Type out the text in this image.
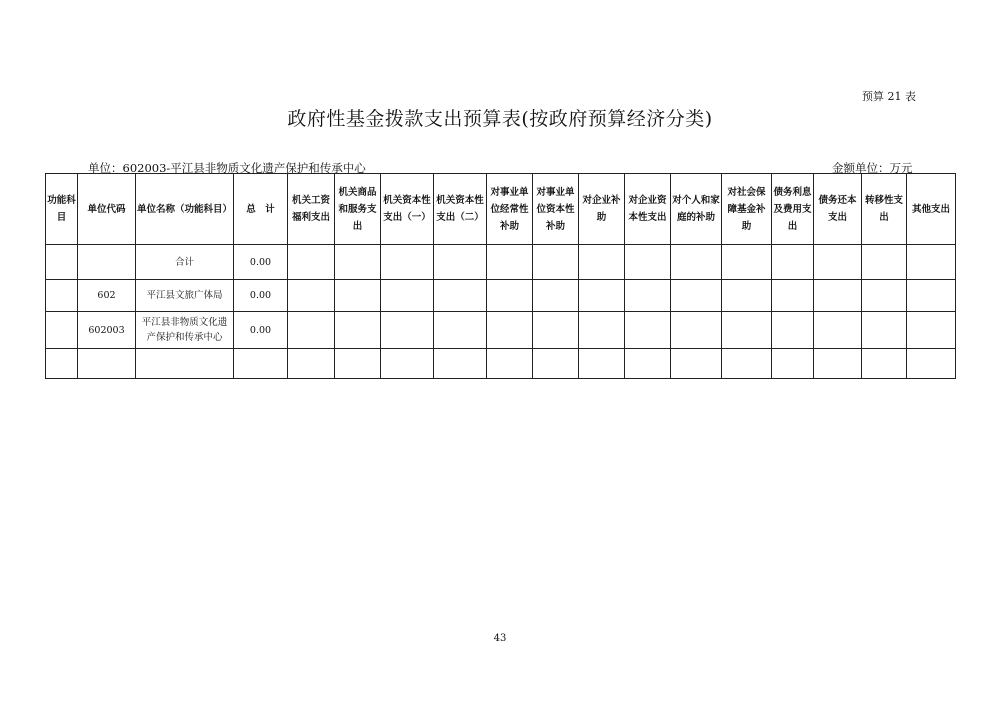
预算 21 表
政府性基金拨款支出预算表(按政府预算经济分类)
单位：602003-平江县非物质文化遗产保护和传承中心	金额单位：万元
功能科目	单位代码	单位名称（功能科目）	总　计	机关工资福利支出	机关商品和服务支出	机关资本性支出（一）	机关资本性支出（二）	对事业单位经常性补助	对事业单位资本性补助	对企业补助	对企业资本性支出	对个人和家庭的补助	对社会保障基金补助	债务利息及费用支出	债务还本支出	转移性支出	其他支出
		合计	0.00														
	602	平江县文旅广体局	0.00														
	602003	平江县非物质文化遗产保护和传承中心	0.00														

43
